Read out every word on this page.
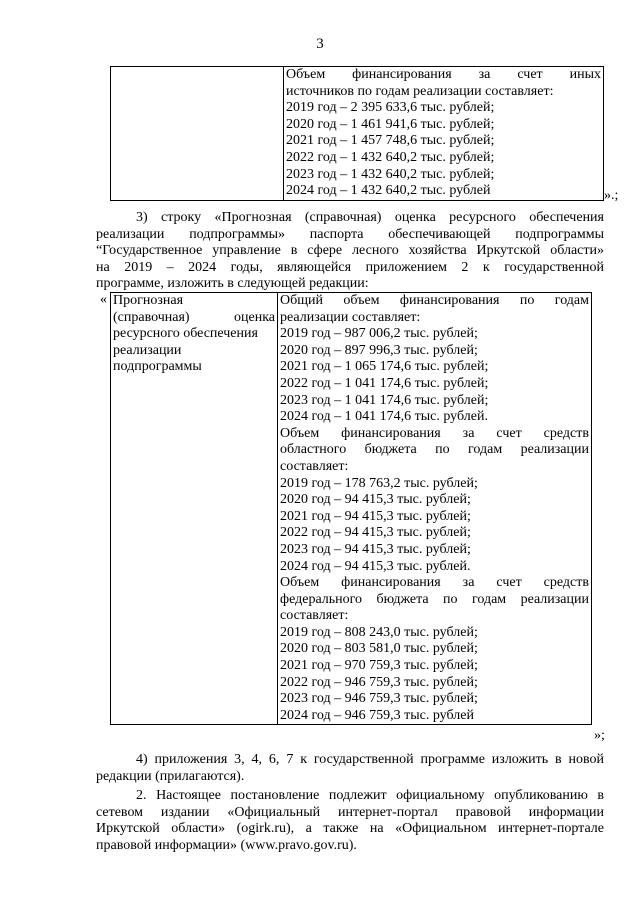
3

Объем финансирования за счет иных
источников по годам реализации составляет:
2019 год – 2 395 633,6 тыс. рублей;
2020 год – 1 461 941,6 тыс. рублей;
2021 год – 1 457 748,6 тыс. рублей;
2022 год – 1 432 640,2 тыс. рублей;
2023 год – 1 432 640,2 тыс. рублей;
2024 год – 1 432 640,2 тыс. рублей	».;
3) строку «Прогнозная (справочная) оценка ресурсного обеспечения
реализации подпрограммы» паспорта обеспечивающей подпрограммы
“Государственное управление в сфере лесного хозяйства Иркутской области»
на 2019 – 2024 годы, являющейся приложением 2 к государственной
программе, изложить в следующей редакции:
« Прогнозная
(справочная) оценка
ресурсного обеспечения
реализации
подпрограммы

Общий объем финансирования по годам
реализации составляет:
2019 год – 987 006,2 тыс. рублей;
2020 год – 897 996,3 тыс. рублей;
2021 год – 1 065 174,6 тыс. рублей;
2022 год – 1 041 174,6 тыс. рублей;
2023 год – 1 041 174,6 тыс. рублей;
2024 год – 1 041 174,6 тыс. рублей.
Объем финансирования за счет средств
областного бюджета по годам реализации
составляет:
2019 год – 178 763,2 тыс. рублей;
2020 год – 94 415,3 тыс. рублей;
2021 год – 94 415,3 тыс. рублей;
2022 год – 94 415,3 тыс. рублей;
2023 год – 94 415,3 тыс. рублей;
2024 год – 94 415,3 тыс. рублей.
Объем финансирования за счет средств
федерального бюджета по годам реализации
составляет:
2019 год – 808 243,0 тыс. рублей;
2020 год – 803 581,0 тыс. рублей;
2021 год – 970 759,3 тыс. рублей;
2022 год – 946 759,3 тыс. рублей;
2023 год – 946 759,3 тыс. рублей;
2024 год – 946 759,3 тыс. рублей
»;
4) приложения 3, 4, 6, 7 к государственной программе изложить в новой
редакции (прилагаются).
2. Настоящее постановление подлежит официальному опубликованию в
сетевом издании «Официальный интернет-портал правовой информации
Иркутской области» (ogirk.ru), а также на «Официальном интернет-портале
правовой информации» (www.pravo.gov.ru).
